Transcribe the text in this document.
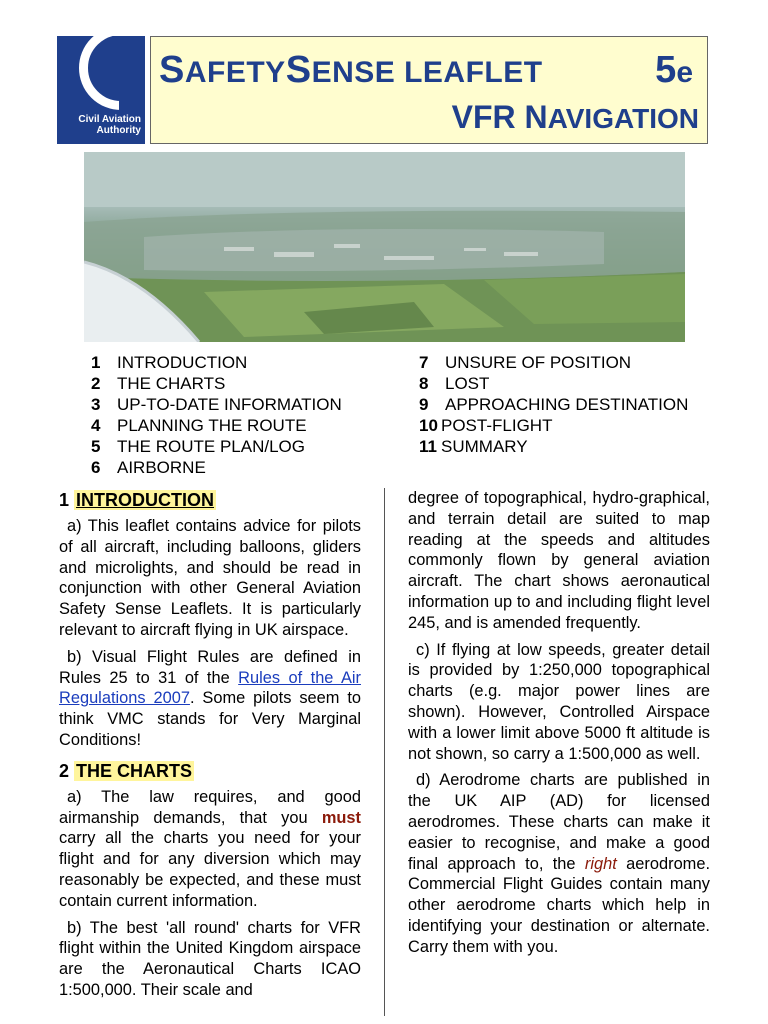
Civil Aviation Authority
SAFETYSENSE LEAFLET	5e
VFR NAVIGATION
1 INTRODUCTION
2 THE CHARTS
3 UP-TO-DATE INFORMATION
4 PLANNING THE ROUTE
5 THE ROUTE PLAN/LOG
6 AIRBORNE
7 UNSURE OF POSITION
8 LOST
9 APPROACHING DESTINATION
10 POST-FLIGHT
11 SUMMARY
1 INTRODUCTION

a) This leaflet contains advice for pilots of all aircraft, including balloons, gliders and microlights, and should be read in conjunction with other General Aviation Safety Sense Leaflets. It is particularly relevant to aircraft flying in UK airspace.

b) Visual Flight Rules are defined in Rules 25 to 31 of the Rules of the Air Regulations 2007. Some pilots seem to think VMC stands for Very Marginal Conditions!

2 THE CHARTS

a) The law requires, and good airmanship demands, that you must carry all the charts you need for your flight and for any diversion which may reasonably be expected, and these must contain current information.

b) The best 'all round' charts for VFR flight within the United Kingdom airspace are the Aeronautical Charts ICAO 1:500,000. Their scale and

degree of topographical, hydro-graphical, and terrain detail are suited to map reading at the speeds and altitudes commonly flown by general aviation aircraft. The chart shows aeronautical information up to and including flight level 245, and is amended frequently.

c) If flying at low speeds, greater detail is provided by 1:250,000 topographical charts (e.g. major power lines are shown). However, Controlled Airspace with a lower limit above 5000 ft altitude is not shown, so carry a 1:500,000 as well.

d) Aerodrome charts are published in the UK AIP (AD) for licensed aerodromes. These charts can make it easier to recognise, and make a good final approach to, the right aerodrome. Commercial Flight Guides contain many other aerodrome charts which help in identifying your destination or alternate. Carry them with you.
